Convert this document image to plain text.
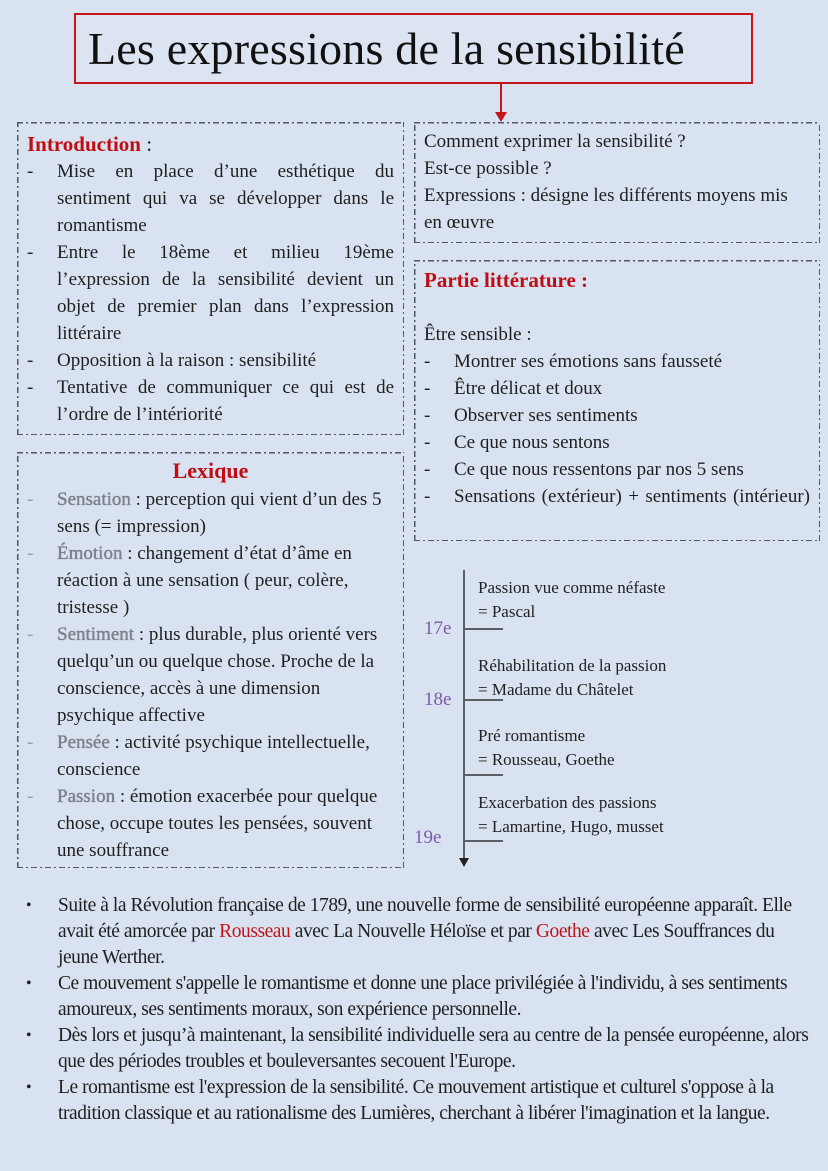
Les expressions de la sensibilité
Introduction :
- Mise en place d’une esthétique du sentiment qui va se développer dans le romantisme
- Entre le 18ème et milieu 19ème l’expression de la sensibilité devient un objet de premier plan dans l’expression littéraire
- Opposition à la raison : sensibilité
- Tentative de communiquer ce qui est de l’ordre de l’intériorité
Comment exprimer la sensibilité ?
Est-ce possible ?
Expressions : désigne les différents moyens mis en œuvre
Partie littérature :
Être sensible :
- Montrer ses émotions sans fausseté
- Être délicat et doux
- Observer ses sentiments
- Ce que nous sentons
- Ce que nous ressentons par nos 5 sens
-	Sensations (extérieur) + sentiments (intérieur)
Lexique
- Sensation : perception qui vient d’un des 5 sens (= impression)
- Émotion : changement d’état d’âme en réaction à une sensation ( peur, colère, tristesse )
- Sentiment : plus durable, plus orienté vers quelqu’un ou quelque chose. Proche de la conscience, accès à une dimension psychique affective
- Pensée : activité psychique intellectuelle, conscience
- Passion : émotion exacerbée pour quelque chose, occupe toutes les pensées, souvent une souffrance
17e
18e
19e
Passion vue comme néfaste
= Pascal
Réhabilitation de la passion
= Madame du Châtelet
Pré romantisme
= Rousseau, Goethe
Exacerbation des passions
= Lamartine, Hugo, musset
• Suite à la Révolution française de 1789, une nouvelle forme de sensibilité européenne apparaît. Elle avait été amorcée par Rousseau avec La Nouvelle Héloïse et par Goethe avec Les Souffrances du jeune Werther.
• Ce mouvement s'appelle le romantisme et donne une place privilégiée à l'individu, à ses sentiments amoureux, ses sentiments moraux, son expérience personnelle.
• Dès lors et jusqu’à maintenant, la sensibilité individuelle sera au centre de la pensée européenne, alors que des périodes troubles et bouleversantes secouent l'Europe.
• Le romantisme est l'expression de la sensibilité. Ce mouvement artistique et culturel s'oppose à la tradition classique et au rationalisme des Lumières, cherchant à libérer l'imagination et la langue.
